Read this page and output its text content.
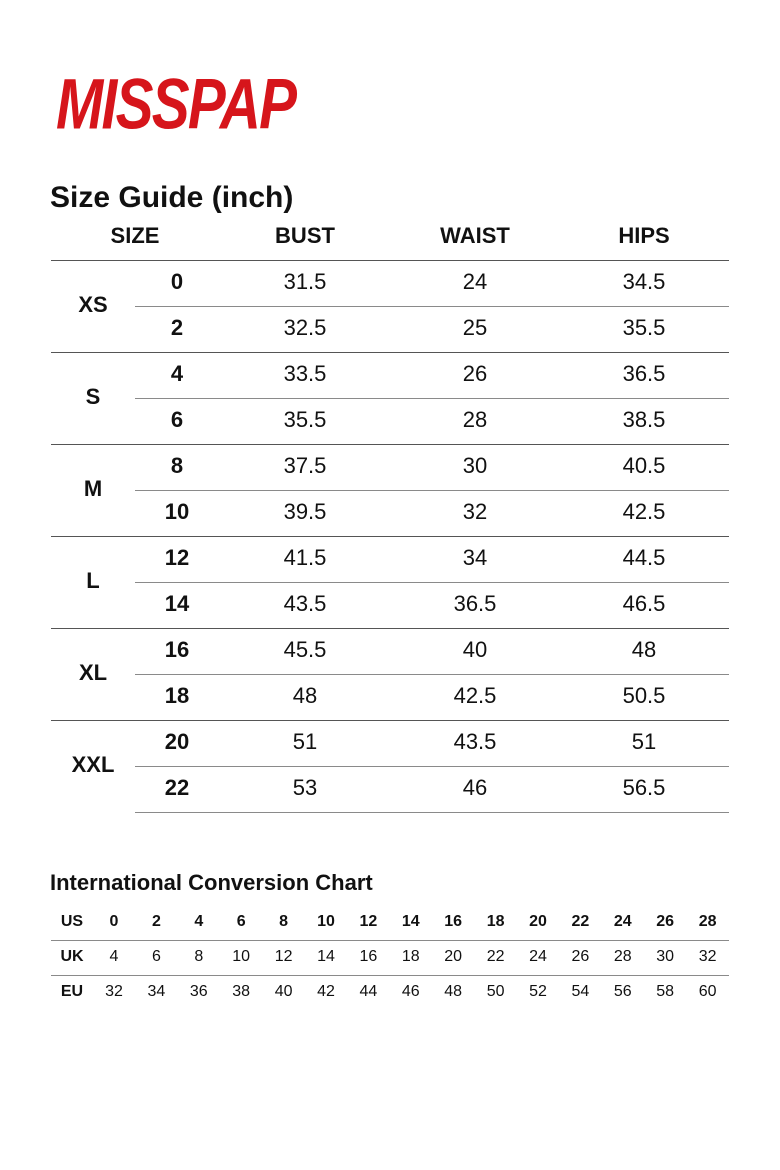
MISSPAP
Size Guide (inch)
SIZE	BUST	WAIST	HIPS
XS
0	31.5	24	34.5
2	32.5	25	35.5
S
4	33.5	26	36.5
6	35.5	28	38.5
M
8	37.5	30	40.5
10	39.5	32	42.5
L
12	41.5	34	44.5
14	43.5	36.5	46.5
XL
16	45.5	40	48
18	48	42.5	50.5
XXL
20	51	43.5	51
22	53	46	56.5
International Conversion Chart
US	0	2	4	6	8	10	12	14	16	18	20	22	24	26	28
UK	4	6	8	10	12	14	16	18	20	22	24	26	28	30	32
EU	32	34	36	38	40	42	44	46	48	50	52	54	56	58	60
